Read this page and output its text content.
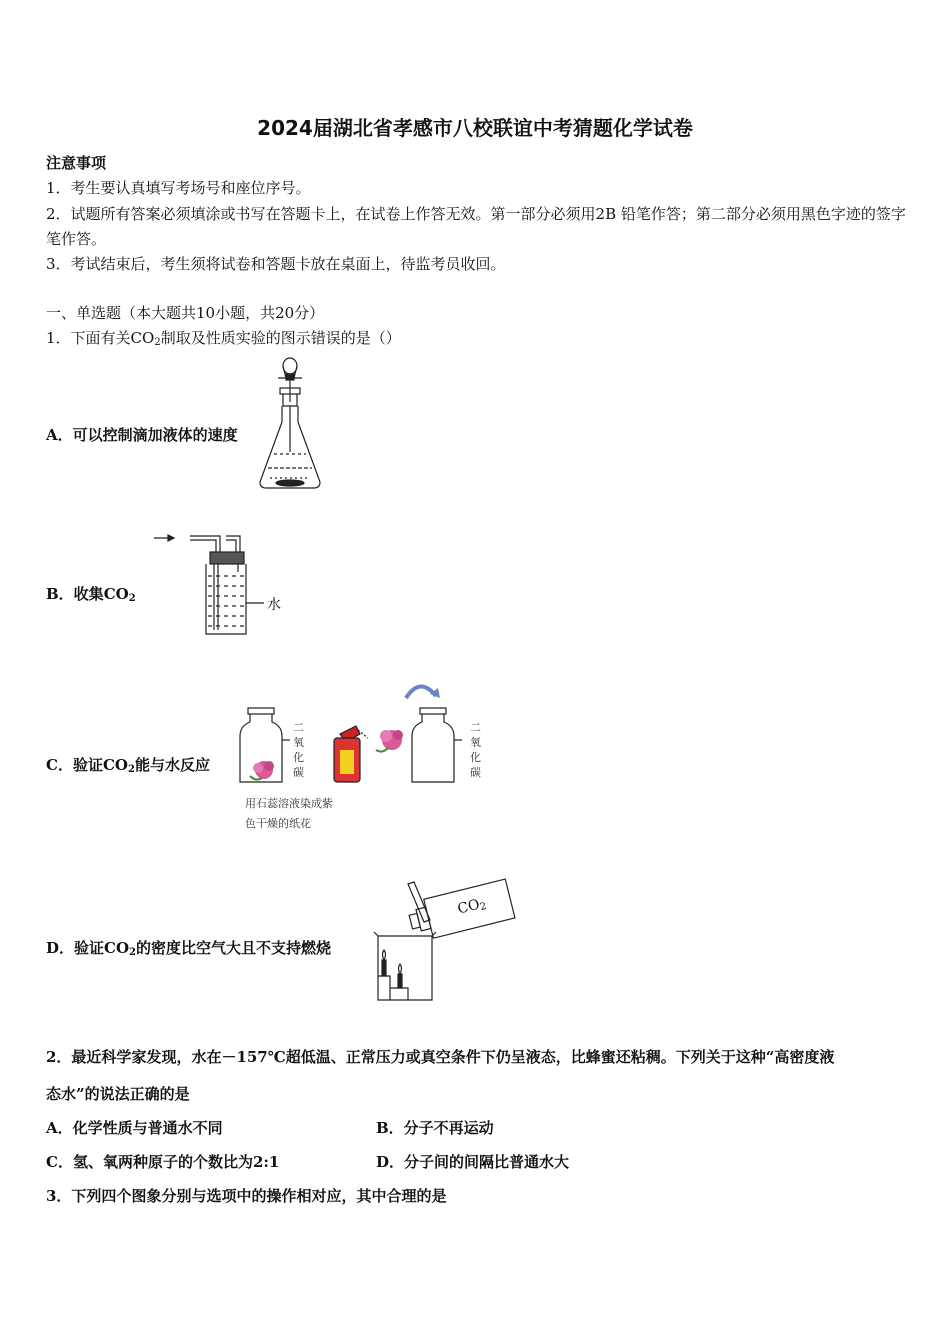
2024届湖北省孝感市八校联谊中考猜题化学试卷
注意事项
1．考生要认真填写考场号和座位序号。
2．试题所有答案必须填涂或书写在答题卡上，在试卷上作答无效。第一部分必须用2B 铅笔作答；第二部分必须用黑色字迹的签字笔作答。
3．考试结束后，考生须将试卷和答题卡放在桌面上，待监考员收回。
一、单选题（本大题共10小题，共20分）
1．下面有关$CO_2$制取及性质实验的图示错误的是（）
A．可以控制滴加液体的速度
B．收集$CO_2$	水
C．验证$CO_2$能与水反应
二
氧
化
碳
二
氧
化
碳
用石蕊溶液染成紫
色干燥的纸花
D．验证$CO_2$的密度比空气大且不支持燃烧
$CO_2$
2．最近科学家发现，水在－157℃超低温、正常压力或真空条件下仍呈液态，比蜂蜜还粘稠。下列关于这种“高密度液
态水”的说法正确的是
A．化学性质与普通水不同	B．分子不再运动
C．氢、氧两种原子的个数比为2:1	D．分子间的间隔比普通水大
3．下列四个图象分别与选项中的操作相对应，其中合理的是
